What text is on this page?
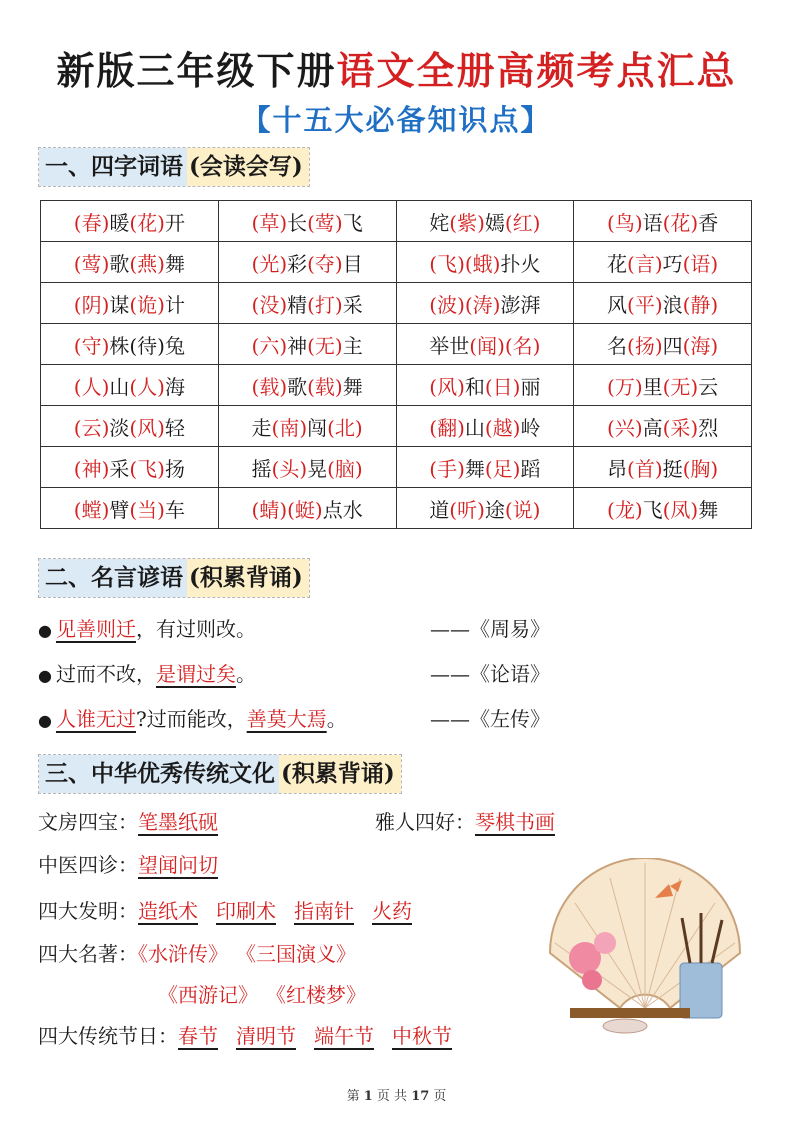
新版三年级下册语文全册高频考点汇总
【十五大必备知识点】
一、四字词语 (会读会写)
(春)暖(花)开	(草)长(莺)飞	姹(紫)嫣(红)	(鸟)语(花)香
(莺)歌(燕)舞	(光)彩(夺)目	(飞)(蛾)扑火	花(言)巧(语)
(阴)谋(诡)计	(没)精(打)采	(波)(涛)澎湃	风(平)浪(静)
(守)株(待)兔	(六)神(无)主	举世(闻)(名)	名(扬)四(海)
(人)山(人)海	(载)歌(载)舞	(风)和(日)丽	(万)里(无)云
(云)淡(风)轻	走(南)闯(北)	(翻)山(越)岭	(兴)高(采)烈
(神)采(飞)扬	摇(头)晃(脑)	(手)舞(足)蹈	昂(首)挺(胸)
(螳)臂(当)车	(蜻)(蜓)点水	道(听)途(说)	(龙)飞(凤)舞
二、名言谚语 (积累背诵)
● 见善则迁，有过则改。	——《周易》
● 过而不改，是谓过矣。	——《论语》
● 人谁无过?过而能改，善莫大焉。	——《左传》
三、中华优秀传统文化 (积累背诵)
文房四宝：笔墨纸砚	雅人四好：琴棋书画
中医四诊：望闻问切
四大发明：造纸术 印刷术 指南针 火药
四大名著：《水浒传》 《三国演义》
《西游记》 《红楼梦》
四大传统节日：春节 清明节 端午节 中秋节
第 1 页 共 17 页
